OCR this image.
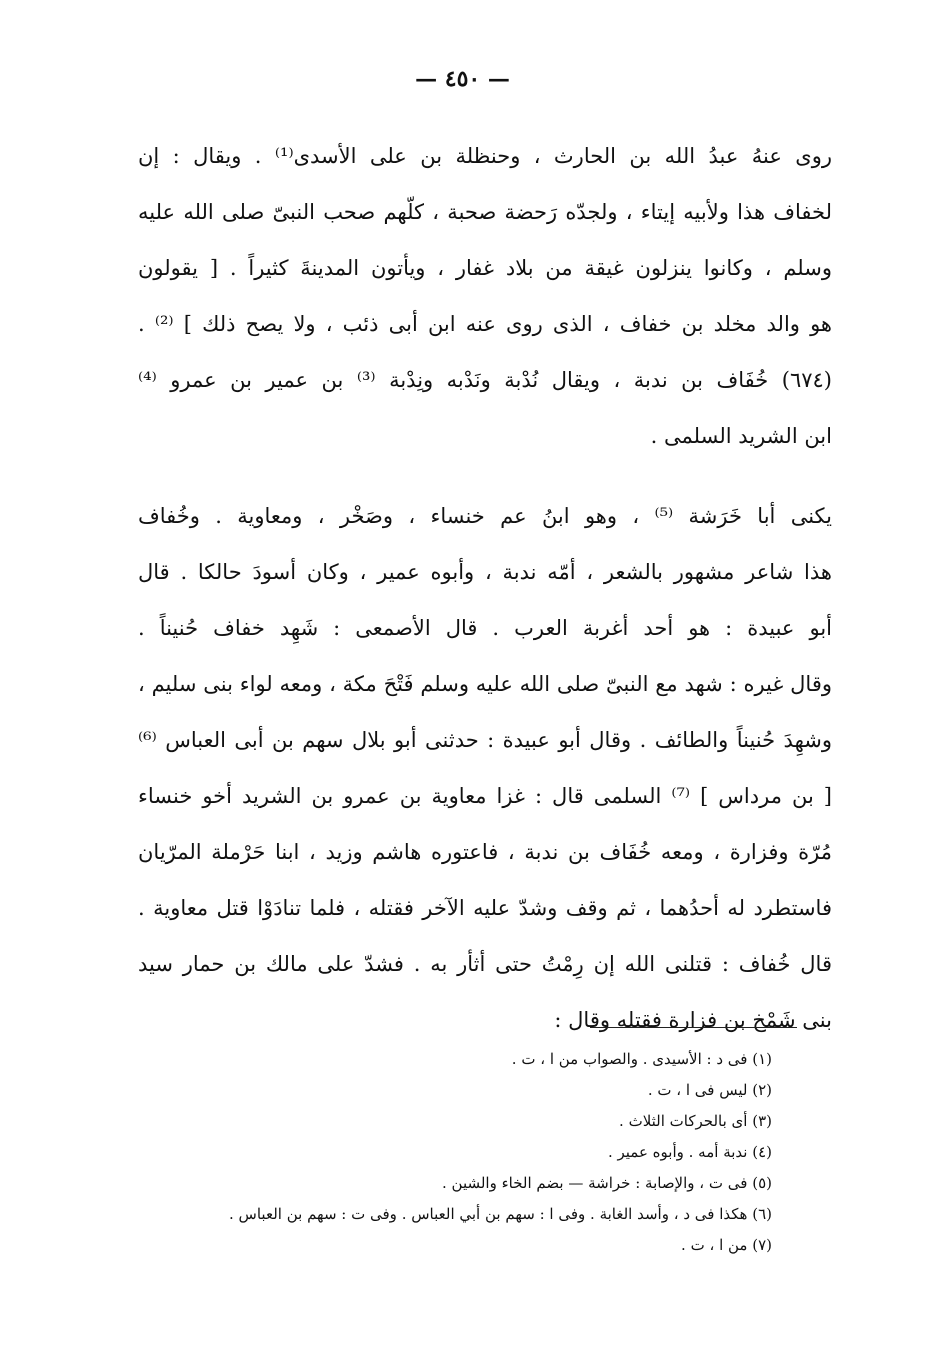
— ٤٥٠ —
روى عنهُ عبدُ الله بن الحارث ، وحنظلة بن على الأسدى⁽¹⁾ . ويقال : إن
لخفاف هذا ولأبيه إيتاء ، ولجدّه رَحضة صحبة ، كلّهم صحب النبىّ صلى الله عليه
وسلم ، وكانوا ينزلون غيقة من بلاد غفار ، ويأتون المدينةَ كثيراً . [ يقولون
هو والد مخلد بن خفاف ، الذى روى عنه ابن أبى ذئب ، ولا يصح ذلك ] ⁽²⁾ .
(٦٧٤) خُفَاف بن ندبة ، ويقال نُدْبة ونَدْبه ونِدْبة ⁽³⁾ بن عمير بن عمرو ⁽⁴⁾
ابن الشريد السلمى .
يكنى أبا خَرَشة ⁽⁵⁾ ، وهو ابنُ عم خنساء ، وصَخْر ، ومعاوية . وخُفاف
هذا شاعر مشهور بالشعر ، أمّه ندبة ، وأبوه عمير ، وكان أسودَ حالكا . قال
أبو عبيدة : هو أحد أغربة العرب . قال الأصمعى : شَهِد خفاف حُنيناً .
وقال غيره : شهد مع النبىّ صلى الله عليه وسلم فَتْحَ مكة ، ومعه لواء بنى سليم ،
وشهِدَ حُنيناً والطائف . وقال أبو عبيدة : حدثنى أبو بلال سهم بن أبى العباس ⁽⁶⁾
[ بن مرداس ] ⁽⁷⁾ السلمى قال : غزا معاوية بن عمرو بن الشريد أخو خنساء
مُرّة وفزارة ، ومعه خُفَاف بن ندبة ، فاعتوره هاشم وزيد ، ابنا حَرْملة المرّيان
فاستطرد له أحدُهما ، ثم وقف وشدّ عليه الآخر فقتله ، فلما تنادَوْا قتل معاوية .
قال خُفاف : قتلنى الله إن رِمْتُ حتى أثأر به . فشدّ على مالك بن حمار سيد
بنى شَمْخ بن فزارة فقتله وقال :
(١) فى د : الأسيدى . والصواب من ا ، ت .
(٢) ليس فى ا ، ت .
(٣) أى بالحركات الثلاث .
(٤) ندبة أمه . وأبوه عمير .
(٥) فى ت ، والإصابة : خراشة — بضم الخاء والشين .
(٦) هكذا فى د ، وأسد الغابة . وفى ا : سهم بن أبي العباس . وفى ت : سهم بن العباس .
(٧) من ا ، ت .
